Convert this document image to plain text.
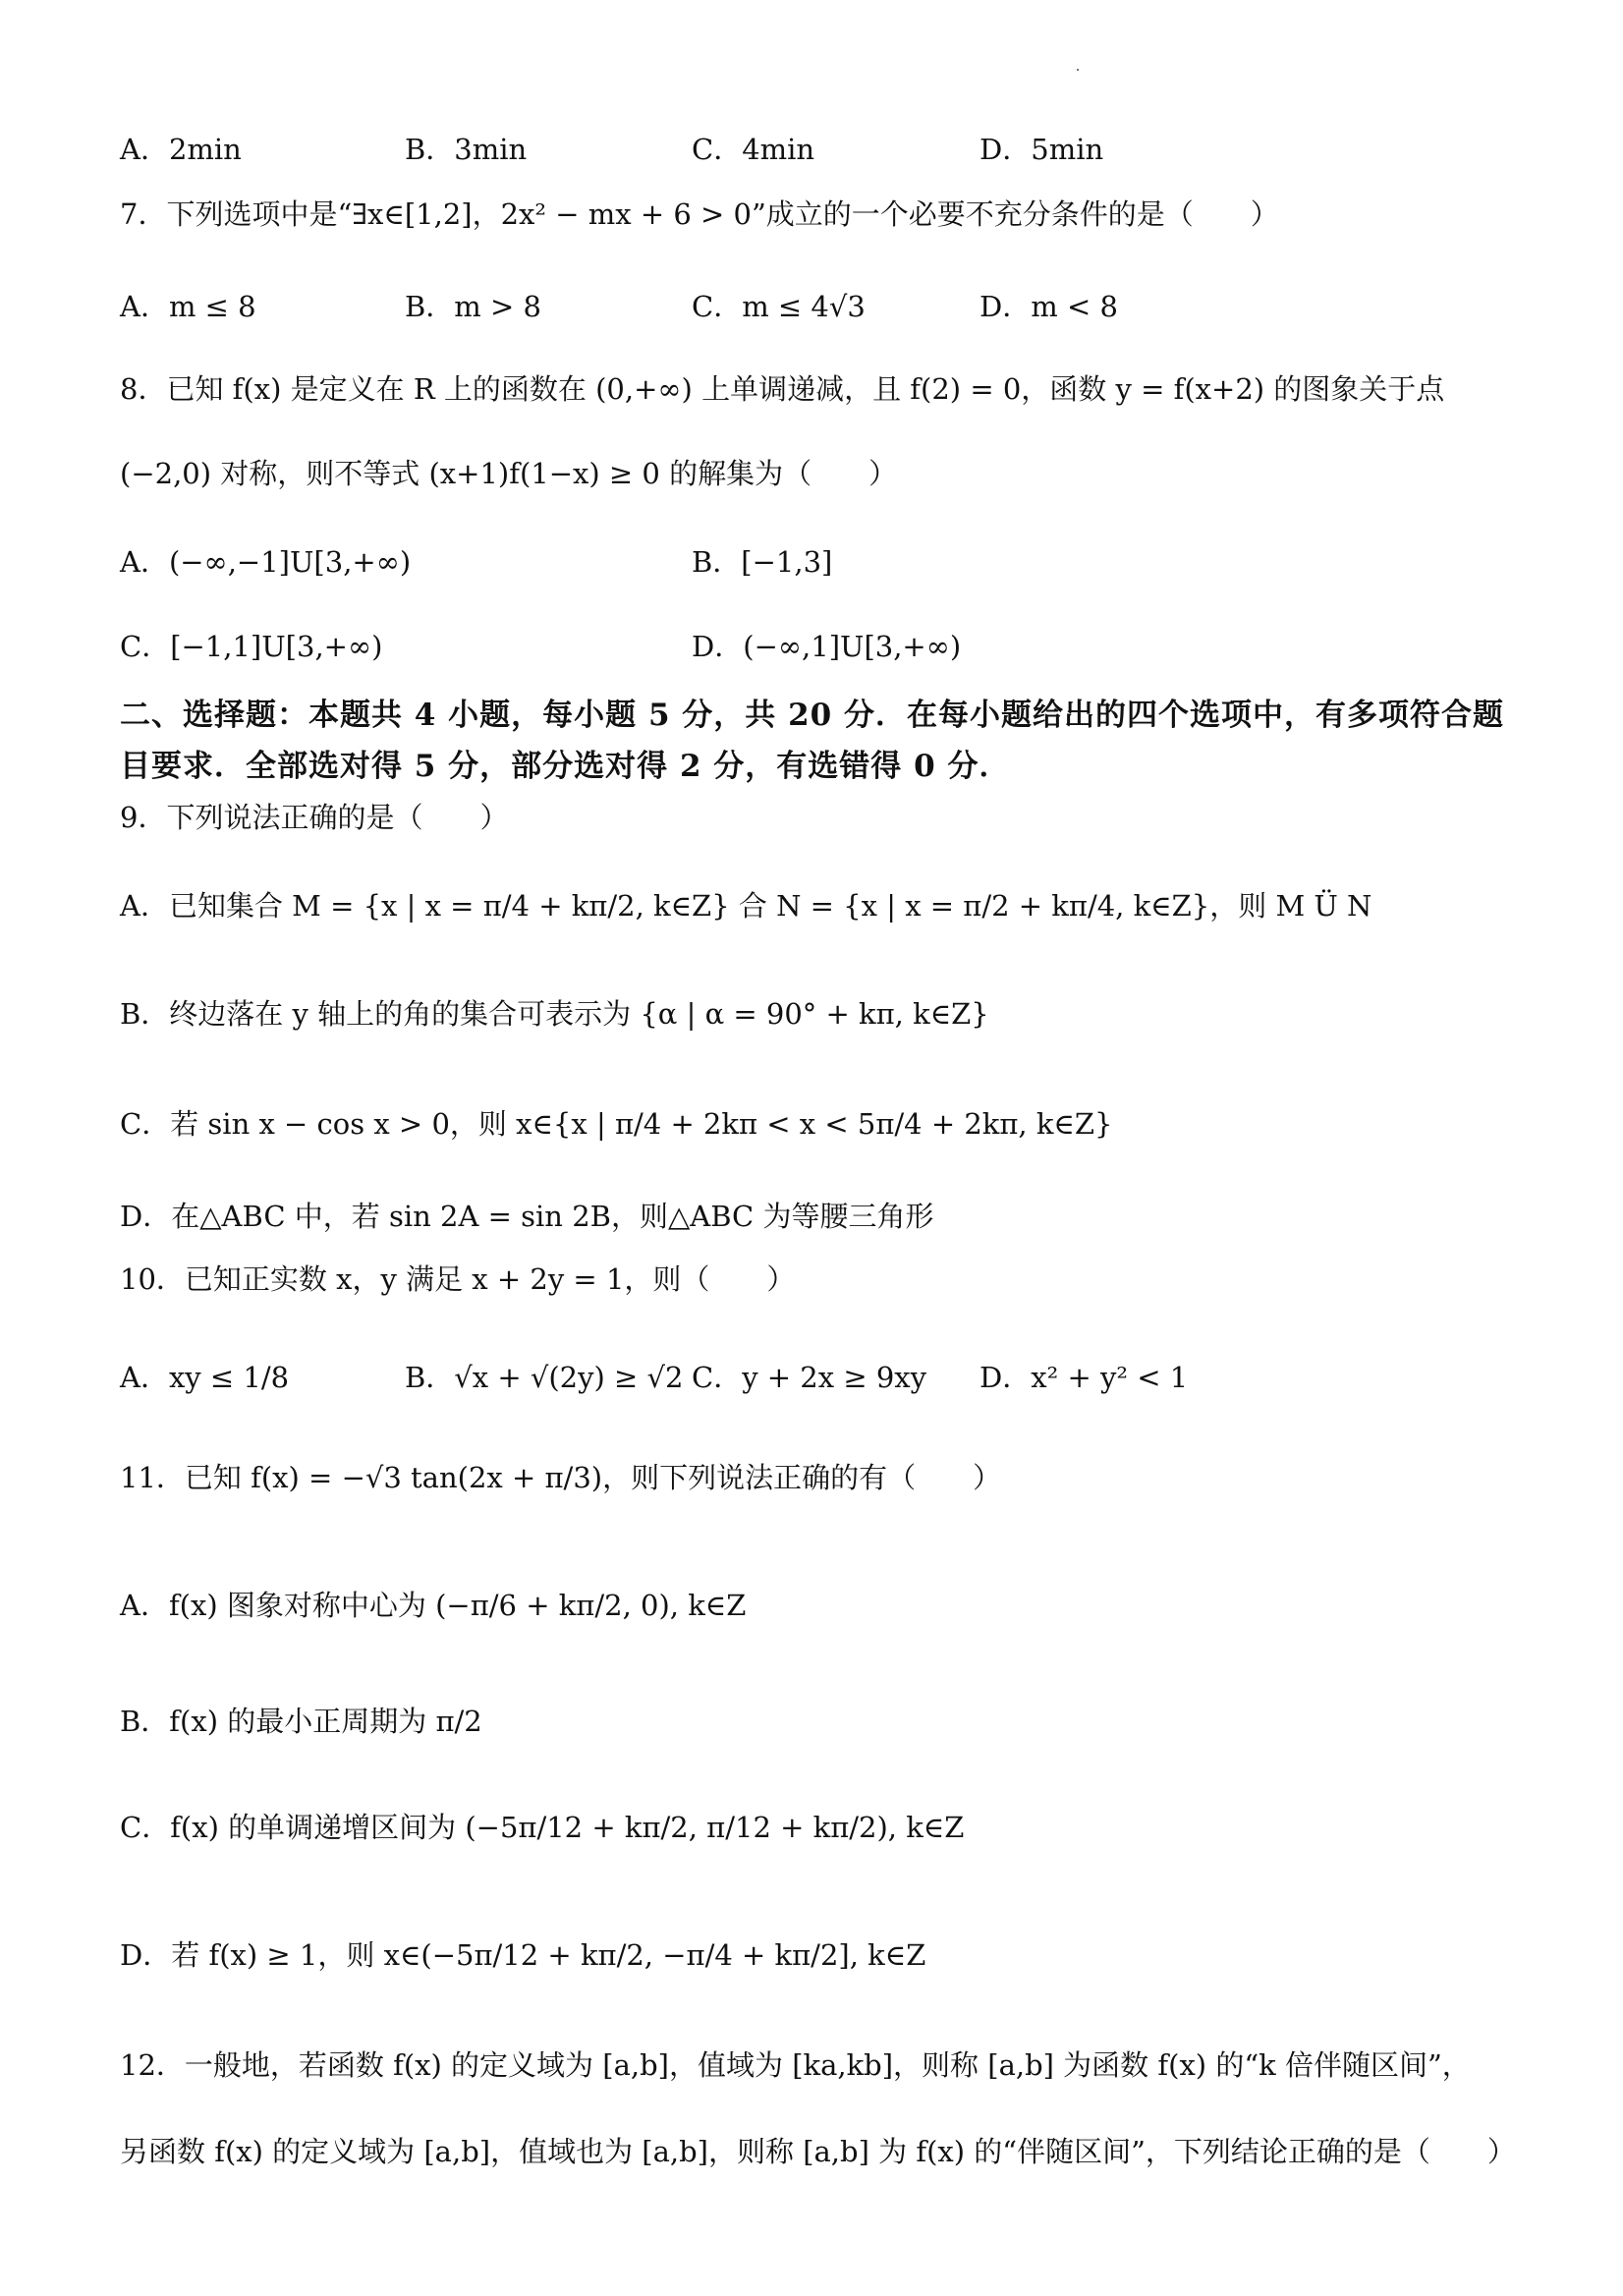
A．2min	B．3min	C．4min	D．5min
7．下列选项中是“∃x∈[1,2]，2x² − mx + 6 > 0”成立的一个必要不充分条件的是（　　）
A．m ≤ 8	B．m > 8	C．m ≤ 4√3	D．m < 8
8．已知 f(x) 是定义在 R 上的函数在 (0,+∞) 上单调递减，且 f(2) = 0，函数 y = f(x+2) 的图象关于点
(−2,0) 对称，则不等式 (x+1)f(1−x) ≥ 0 的解集为（　　）
A．(−∞,−1]U[3,+∞)	B．[−1,3]
C．[−1,1]U[3,+∞)	D．(−∞,1]U[3,+∞)
二、选择题：本题共 4 小题，每小题 5 分，共 20 分．在每小题给出的四个选项中，有多项符合题
目要求．全部选对得 5 分，部分选对得 2 分，有选错得 0 分．
9．下列说法正确的是（　　）
A．已知集合 M = {x | x = π/4 + kπ/2, k∈Z} 合 N = {x | x = π/2 + kπ/4, k∈Z}，则 M Ü N
B．终边落在 y 轴上的角的集合可表示为 {α | α = 90° + kπ, k∈Z}
C．若 sin x − cos x > 0，则 x∈{x | π/4 + 2kπ < x < 5π/4 + 2kπ, k∈Z}
D．在△ABC 中，若 sin 2A = sin 2B，则△ABC 为等腰三角形
10．已知正实数 x，y 满足 x + 2y = 1，则（　　）
A．xy ≤ 1/8	B．√x + √(2y) ≥ √2 C．y + 2x ≥ 9xy D．x² + y² < 1
11．已知 f(x) = −√3 tan(2x + π/3)，则下列说法正确的有（　　）
A．f(x) 图象对称中心为 (−π/6 + kπ/2, 0), k∈Z
B．f(x) 的最小正周期为 π/2
C．f(x) 的单调递增区间为 (−5π/12 + kπ/2, π/12 + kπ/2), k∈Z
D．若 f(x) ≥ 1，则 x∈(−5π/12 + kπ/2, −π/4 + kπ/2], k∈Z
12．一般地，若函数 f(x) 的定义域为 [a,b]，值域为 [ka,kb]，则称 [a,b] 为函数 f(x) 的“k 倍伴随区间”，
另函数 f(x) 的定义域为 [a,b]，值域也为 [a,b]，则称 [a,b] 为 f(x) 的“伴随区间”，下列结论正确的是（　　）
